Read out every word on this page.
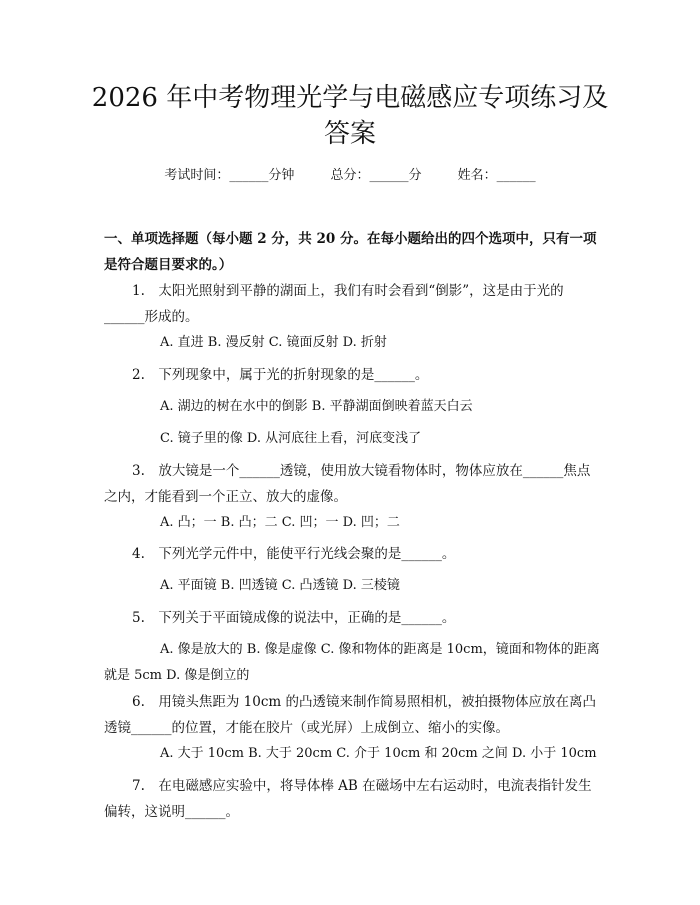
2026 年中考物理光学与电磁感应专项练习及
答案
考试时间：______分钟	总分：______分	姓名：______
一、单项选择题（每小题 2 分，共 20 分。在每小题给出的四个选项中，只有一项是符合题目要求的。）
1.　太阳光照射到平静的湖面上，我们有时会看到“倒影”，这是由于光的______形成的。
A. 直进 B. 漫反射 C. 镜面反射 D. 折射
2.　下列现象中，属于光的折射现象的是______。
A. 湖边的树在水中的倒影 B. 平静湖面倒映着蓝天白云
C. 镜子里的像 D. 从河底往上看，河底变浅了
3.　放大镜是一个______透镜，使用放大镜看物体时，物体应放在______焦点之内，才能看到一个正立、放大的虚像。
A. 凸；一 B. 凸；二 C. 凹；一 D. 凹；二
4.　下列光学元件中，能使平行光线会聚的是______。
A. 平面镜 B. 凹透镜 C. 凸透镜 D. 三棱镜
5.　下列关于平面镜成像的说法中，正确的是______。
A. 像是放大的 B. 像是虚像 C. 像和物体的距离是 10cm，镜面和物体的距离就是 5cm D. 像是倒立的
6.　用镜头焦距为 10cm 的凸透镜来制作简易照相机，被拍摄物体应放在离凸透镜______的位置，才能在胶片（或光屏）上成倒立、缩小的实像。
A. 大于 10cm B. 大于 20cm C. 介于 10cm 和 20cm 之间 D. 小于 10cm
7.　在电磁感应实验中，将导体棒 AB 在磁场中左右运动时，电流表指针发生偏转，这说明______。
